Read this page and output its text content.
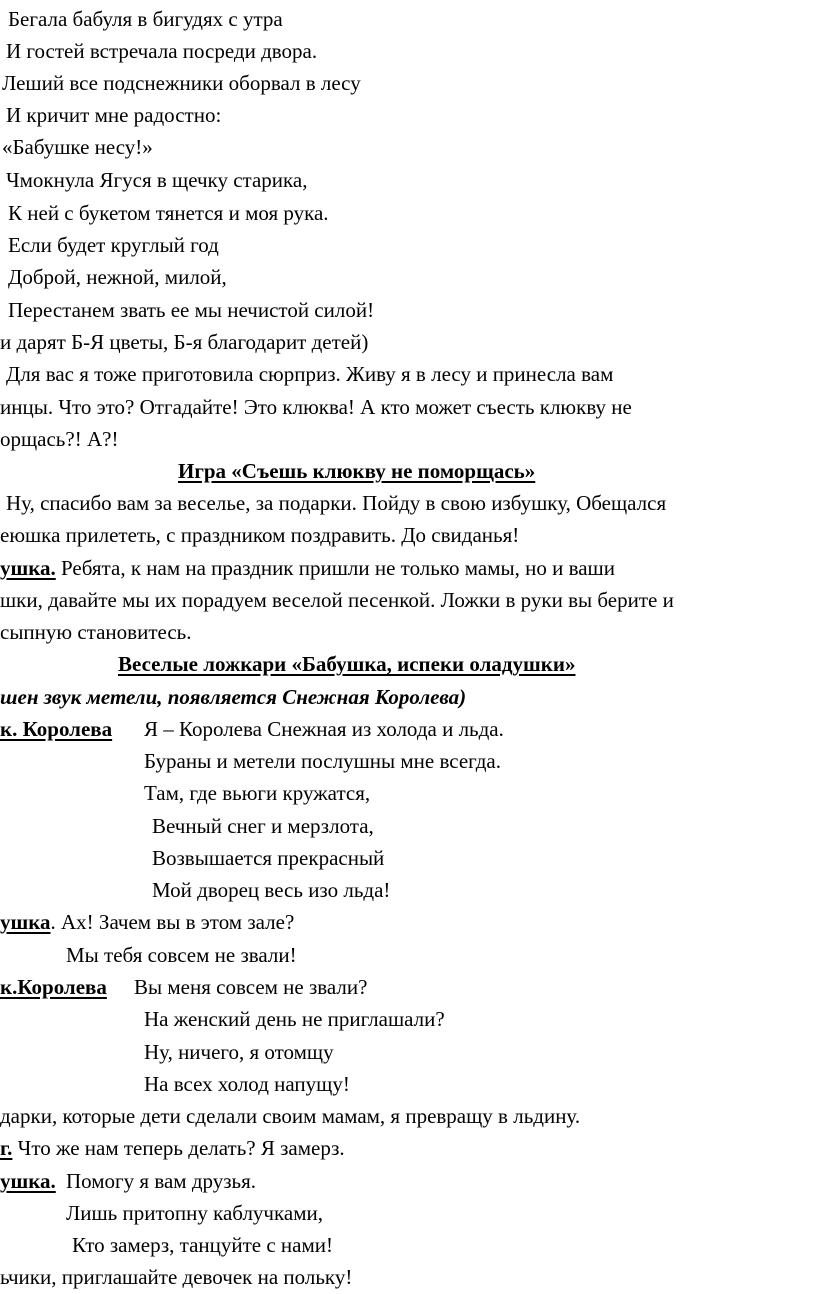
Бегала бабуля в бигудях с утра
И гостей встречала посреди двора.
Леший все подснежники оборвал в лесу
И кричит мне радостно:
«Бабушке несу!»
Чмокнула Ягуся в щечку старика,
К ней с букетом тянется и моя рука.
Если будет круглый год
Доброй, нежной, милой,
Перестанем звать ее мы нечистой силой!
и дарят Б-Я цветы, Б-я благодарит детей)
Для вас я тоже приготовила сюрприз. Живу я в лесу и принесла вам
инцы. Что это? Отгадайте! Это клюква! А кто может съесть клюкву не
орщась?! А?!
Игра «Съешь клюкву не поморщась»
Ну, спасибо вам за веселье, за подарки. Пойду в свою избушку, Обещался
еюшка прилететь, с праздником поздравить. До свиданья!
ушка. Ребята, к нам на праздник пришли не только мамы, но и ваши
шки, давайте мы их порадуем веселой песенкой. Ложки в руки вы берите и
сыпную становитесь.
Веселые ложкари «Бабушка, испеки оладушки»
шен звук метели, появляется Снежная Королева)
к. Королева Я – Королева Снежная из холода и льда.
Бураны и метели послушны мне всегда.
Там, где вьюги кружатся,
Вечный снег и мерзлота,
Возвышается прекрасный
Мой дворец весь изо льда!
ушка. Ах! Зачем вы в этом зале?
Мы тебя совсем не звали!
к.Королева Вы меня совсем не звали?
На женский день не приглашали?
Ну, ничего, я отомщу
На всех холод напущу!
дарки, которые дети сделали своим мамам, я превращу в льдину.
г. Что же нам теперь делать? Я замерз.
ушка. Помогу я вам друзья.
Лишь притопну каблучками,
Кто замерз, танцуйте с нами!
ьчики, приглашайте девочек на польку!
